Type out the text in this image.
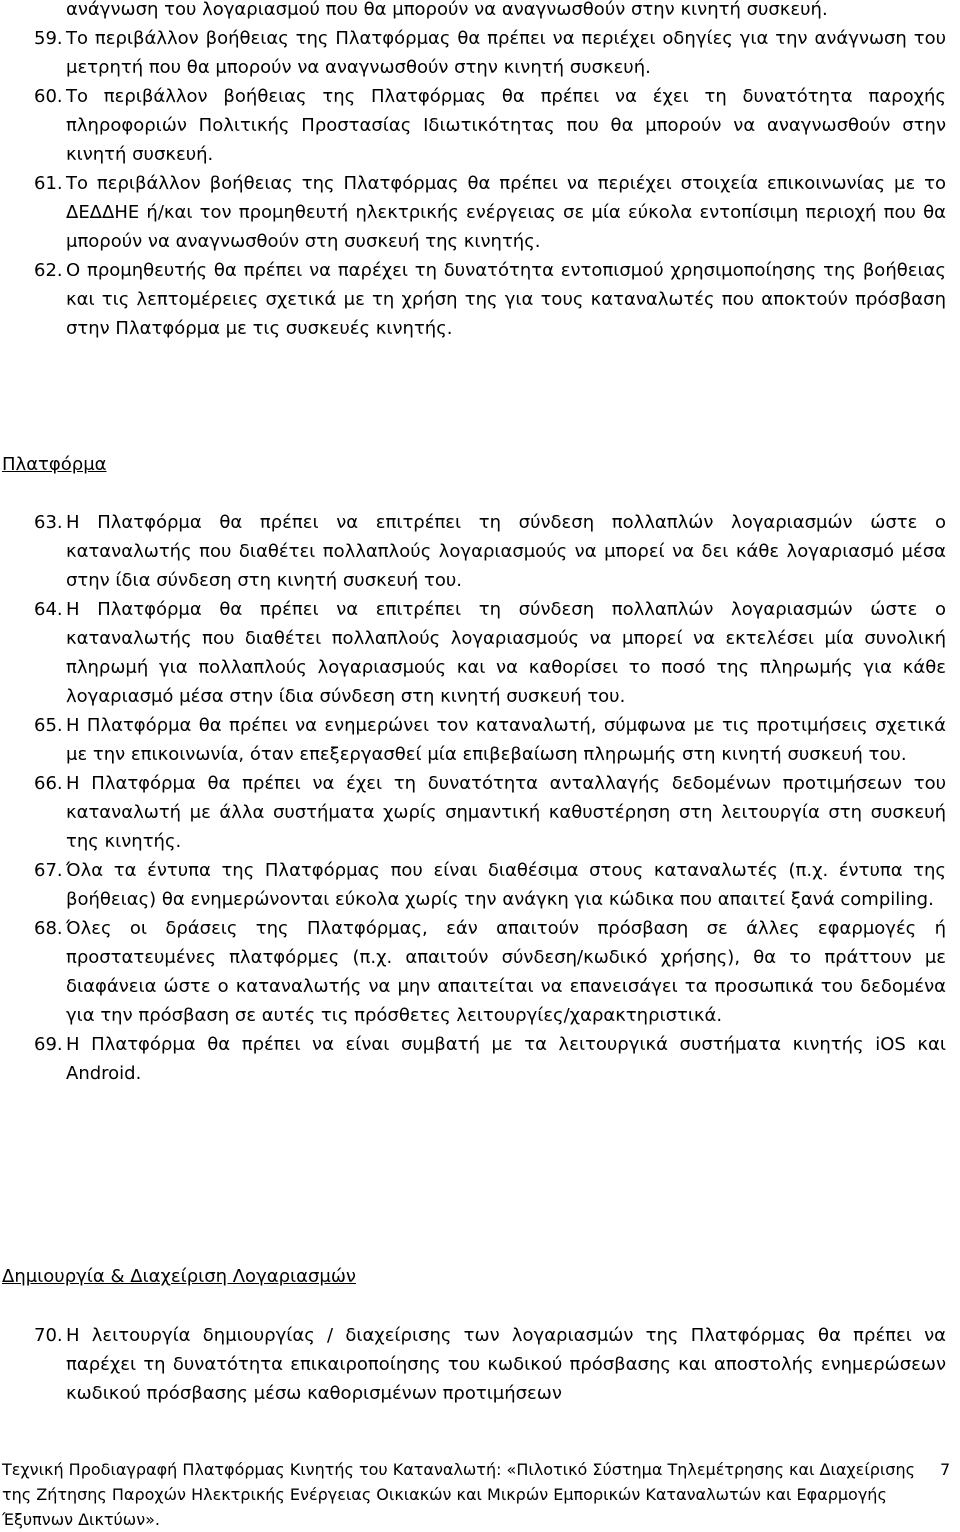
ανάγνωση του λογαριασμού που θα μπορούν να αναγνωσθούν στην κινητή συσκευή.
59. Το περιβάλλον βοήθειας της Πλατφόρμας θα πρέπει να περιέχει οδηγίες για την ανάγνωση του μετρητή που θα μπορούν να αναγνωσθούν στην κινητή συσκευή.
60. Το περιβάλλον βοήθειας της Πλατφόρμας θα πρέπει να έχει τη δυνατότητα παροχής πληροφοριών Πολιτικής Προστασίας Ιδιωτικότητας που θα μπορούν να αναγνωσθούν στην κινητή συσκευή.
61. Το περιβάλλον βοήθειας της Πλατφόρμας θα πρέπει να περιέχει στοιχεία επικοινωνίας με το ΔΕΔΔΗΕ ή/και τον προμηθευτή ηλεκτρικής ενέργειας σε μία εύκολα εντοπίσιμη περιοχή που θα μπορούν να αναγνωσθούν στη συσκευή της κινητής.
62. Ο προμηθευτής θα πρέπει να παρέχει τη δυνατότητα εντοπισμού χρησιμοποίησης της βοήθειας και τις λεπτομέρειες σχετικά με τη χρήση της για τους καταναλωτές που αποκτούν πρόσβαση στην Πλατφόρμα με τις συσκευές κινητής.
Πλατφόρμα
63. Η Πλατφόρμα θα πρέπει να επιτρέπει τη σύνδεση πολλαπλών λογαριασμών ώστε ο καταναλωτής που διαθέτει πολλαπλούς λογαριασμούς να μπορεί να δει κάθε λογαριασμό μέσα στην ίδια σύνδεση στη κινητή συσκευή του.
64. Η Πλατφόρμα θα πρέπει να επιτρέπει τη σύνδεση πολλαπλών λογαριασμών ώστε ο καταναλωτής που διαθέτει πολλαπλούς λογαριασμούς να μπορεί να εκτελέσει μία συνολική πληρωμή για πολλαπλούς λογαριασμούς και να καθορίσει το ποσό της πληρωμής για κάθε λογαριασμό μέσα στην ίδια σύνδεση στη κινητή συσκευή του.
65. Η Πλατφόρμα θα πρέπει να ενημερώνει τον καταναλωτή, σύμφωνα με τις προτιμήσεις σχετικά με την επικοινωνία, όταν επεξεργασθεί μία επιβεβαίωση πληρωμής στη κινητή συσκευή του.
66. Η Πλατφόρμα θα πρέπει να έχει τη δυνατότητα ανταλλαγής δεδομένων προτιμήσεων του καταναλωτή με άλλα συστήματα χωρίς σημαντική καθυστέρηση στη λειτουργία στη συσκευή της κινητής.
67. Όλα τα έντυπα της Πλατφόρμας που είναι διαθέσιμα στους καταναλωτές (π.χ. έντυπα της βοήθειας) θα ενημερώνονται εύκολα χωρίς την ανάγκη για κώδικα που απαιτεί ξανά compiling.
68. Όλες οι δράσεις της Πλατφόρμας, εάν απαιτούν πρόσβαση σε άλλες εφαρμογές ή προστατευμένες πλατφόρμες (π.χ. απαιτούν σύνδεση/κωδικό χρήσης), θα το πράττουν με διαφάνεια ώστε ο καταναλωτής να μην απαιτείται να επανεισάγει τα προσωπικά του δεδομένα για την πρόσβαση σε αυτές τις πρόσθετες λειτουργίες/χαρακτηριστικά.
69. Η Πλατφόρμα θα πρέπει να είναι συμβατή με τα λειτουργικά συστήματα κινητής iOS και Android.
Δημιουργία & Διαχείριση Λογαριασμών
70. Η λειτουργία δημιουργίας / διαχείρισης των λογαριασμών της Πλατφόρμας θα πρέπει να παρέχει τη δυνατότητα επικαιροποίησης του κωδικού πρόσβασης και αποστολής ενημερώσεων κωδικού πρόσβασης μέσω καθορισμένων προτιμήσεων
Τεχνική Προδιαγραφή Πλατφόρμας Κινητής του Καταναλωτή: «Πιλοτικό Σύστημα Τηλεμέτρησης και Διαχείρισης της Ζήτησης Παροχών Ηλεκτρικής Ενέργειας Οικιακών και Μικρών Εμπορικών Καταναλωτών και Εφαρμογής Έξυπνων Δικτύων».
7
